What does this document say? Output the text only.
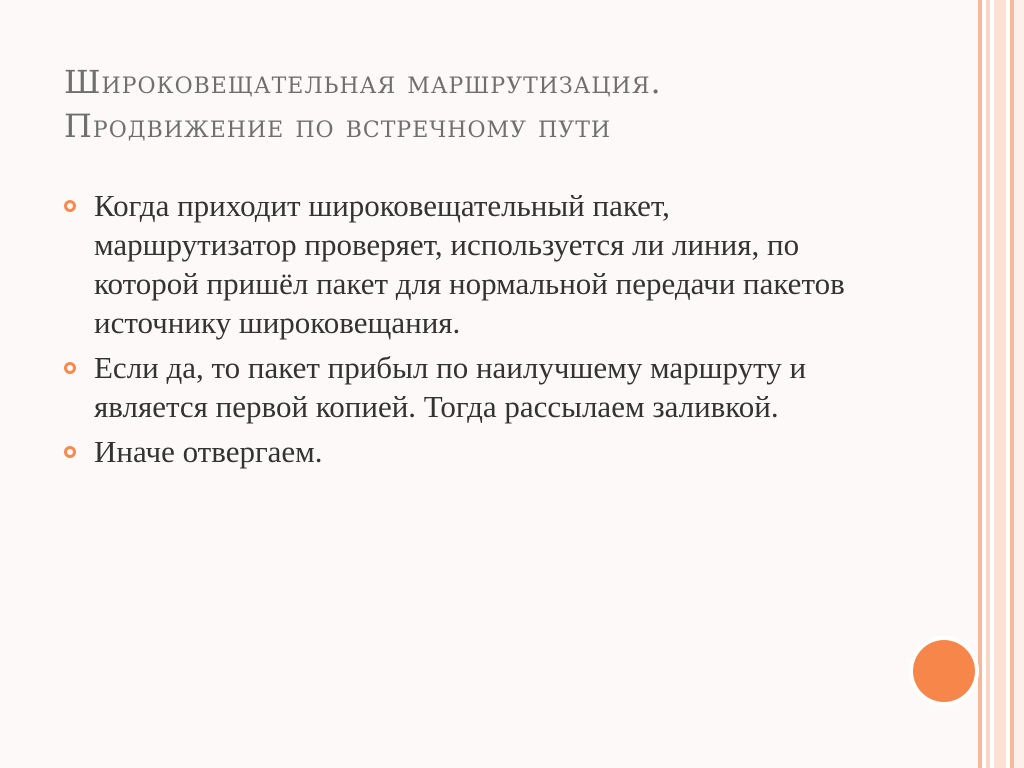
Широковещательная маршрутизация.
Продвижение по встречному пути
Когда приходит широковещательный пакет, маршрутизатор проверяет, используется ли линия, по которой пришёл пакет для нормальной передачи пакетов источнику широковещания.
Если да, то пакет прибыл по наилучшему маршруту и является первой копией. Тогда рассылаем заливкой.
Иначе отвергаем.
